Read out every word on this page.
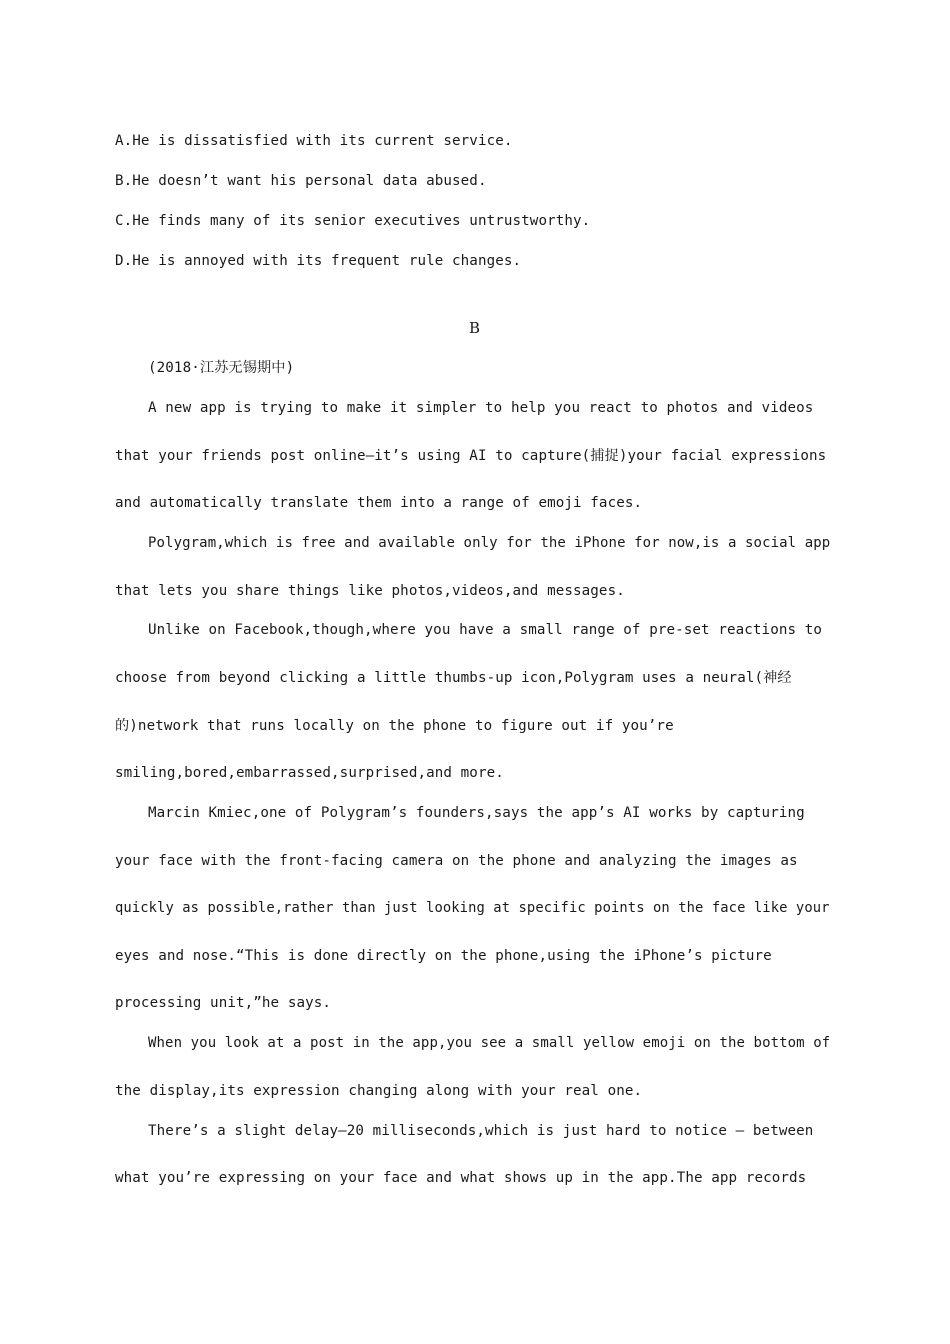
A.He is dissatisfied with its current service.
B.He doesn’t want his personal data abused.
C.He finds many of its senior executives untrustworthy.
D.He is annoyed with its frequent rule changes.
B
(2018·江苏无锡期中)
A new app is trying to make it simpler to help you react to photos and videos
that your friends post online—it’s using AI to capture(捕捉)your facial expressions
and automatically translate them into a range of emoji faces.
Polygram,which is free and available only for the iPhone for now,is a social app
that lets you share things like photos,videos,and messages.
Unlike on Facebook,though,where you have a small range of pre-set reactions to
choose from beyond clicking a little thumbs-up icon,Polygram uses a neural(神经
的)network that runs locally on the phone to figure out if you’re
smiling,bored,embarrassed,surprised,and more.
Marcin Kmiec,one of Polygram’s founders,says the app’s AI works by capturing
your face with the front-facing camera on the phone and analyzing the images as
quickly as possible,rather than just looking at specific points on the face like your
eyes and nose.“This is done directly on the phone,using the iPhone’s picture
processing unit,”he says.
When you look at a post in the app,you see a small yellow emoji on the bottom of
the display,its expression changing along with your real one.
There’s a slight delay—20 milliseconds,which is just hard to notice — between
what you’re expressing on your face and what shows up in the app.The app records
